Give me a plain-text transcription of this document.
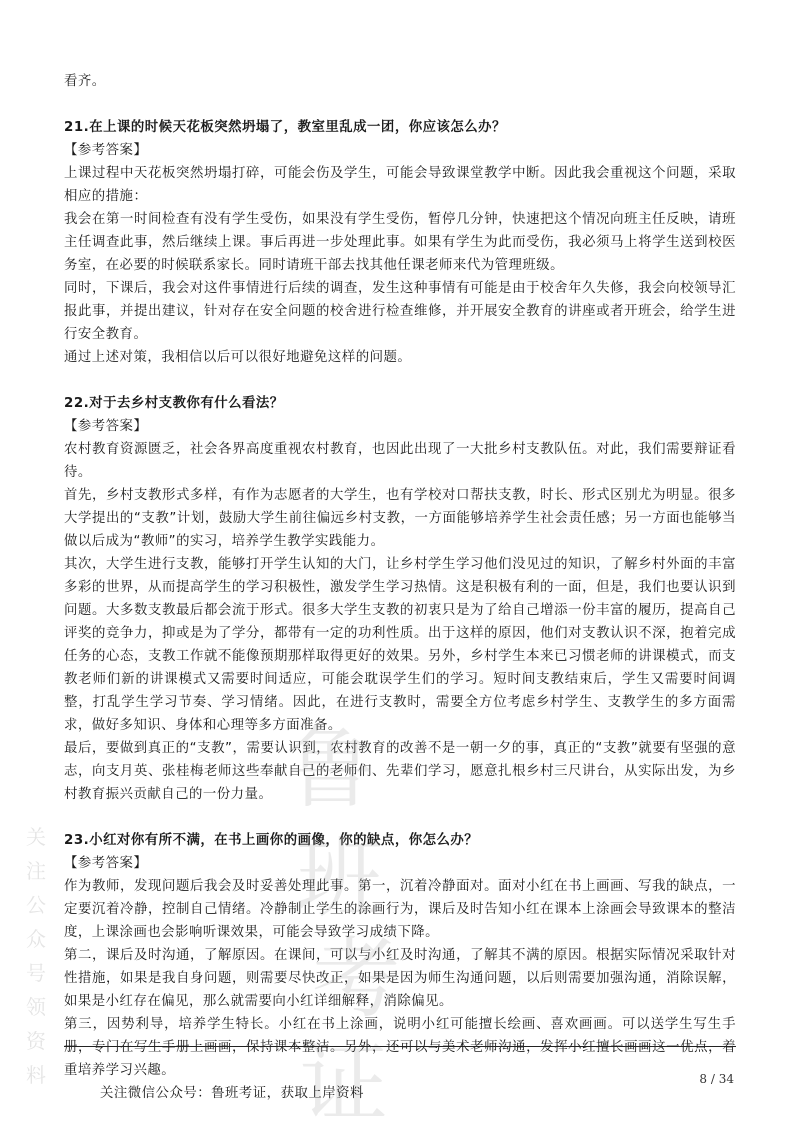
看齐。

21.在上课的时候天花板突然坍塌了，教室里乱成一团，你应该怎么办？

【参考答案】

上课过程中天花板突然坍塌打碎，可能会伤及学生，可能会导致课堂教学中断。因此我会重视这个问题，采取相应的措施：

我会在第一时间检查有没有学生受伤，如果没有学生受伤，暂停几分钟，快速把这个情况向班主任反映，请班主任调查此事，然后继续上课。事后再进一步处理此事。如果有学生为此而受伤，我必须马上将学生送到校医务室，在必要的时候联系家长。同时请班干部去找其他任课老师来代为管理班级。

同时，下课后，我会对这件事情进行后续的调查，发生这种事情有可能是由于校舍年久失修，我会向校领导汇报此事，并提出建议，针对存在安全问题的校舍进行检查维修，并开展安全教育的讲座或者开班会，给学生进行安全教育。

通过上述对策，我相信以后可以很好地避免这样的问题。

22.对于去乡村支教你有什么看法？

【参考答案】

农村教育资源匮乏，社会各界高度重视农村教育，也因此出现了一大批乡村支教队伍。对此，我们需要辩证看待。

首先，乡村支教形式多样，有作为志愿者的大学生，也有学校对口帮扶支教，时长、形式区别尤为明显。很多大学提出的“支教”计划，鼓励大学生前往偏远乡村支教，一方面能够培养学生社会责任感；另一方面也能够当做以后成为“教师”的实习，培养学生教学实践能力。

其次，大学生进行支教，能够打开学生认知的大门，让乡村学生学习他们没见过的知识，了解乡村外面的丰富多彩的世界，从而提高学生的学习积极性，激发学生学习热情。这是积极有利的一面，但是，我们也要认识到问题。大多数支教最后都会流于形式。很多大学生支教的初衷只是为了给自己增添一份丰富的履历，提高自己评奖的竞争力，抑或是为了学分，都带有一定的功利性质。出于这样的原因，他们对支教认识不深，抱着完成任务的心态，支教工作就不能像预期那样取得更好的效果。另外，乡村学生本来已习惯老师的讲课模式，而支教老师们新的讲课模式又需要时间适应，可能会耽误学生们的学习。短时间支教结束后，学生又需要时间调整，打乱学生学习节奏、学习情绪。因此，在进行支教时，需要全方位考虑乡村学生、支教学生的多方面需求，做好多知识、身体和心理等多方面准备。

最后，要做到真正的“支教”，需要认识到，农村教育的改善不是一朝一夕的事，真正的“支教”就要有坚强的意志，向支月英、张桂梅老师这些奉献自己的老师们、先辈们学习，愿意扎根乡村三尺讲台，从实际出发，为乡村教育振兴贡献自己的一份力量。

23.小红对你有所不满，在书上画你的画像，你的缺点，你怎么办？

【参考答案】

作为教师，发现问题后我会及时妥善处理此事。第一，沉着冷静面对。面对小红在书上画画、写我的缺点，一定要沉着冷静，控制自己情绪。冷静制止学生的涂画行为，课后及时告知小红在课本上涂画会导致课本的整洁度，上课涂画也会影响听课效果，可能会导致学习成绩下降。

第二，课后及时沟通，了解原因。在课间，可以与小红及时沟通，了解其不满的原因。根据实际情况采取针对性措施，如果是我自身问题，则需要尽快改正，如果是因为师生沟通问题，以后则需要加强沟通，消除误解，如果是小红存在偏见，那么就需要向小红详细解释，消除偏见。

第三，因势利导，培养学生特长。小红在书上涂画，说明小红可能擅长绘画、喜欢画画。可以送学生写生手册，专门在写生手册上画画，保持课本整洁。另外，还可以与美术老师沟通，发挥小红擅长画画这一优点，着重培养学习兴趣。

关注公众号领资料
鲁
班
考
证
关注微信公众号：鲁班考证，获取上岸资料
8 / 34
